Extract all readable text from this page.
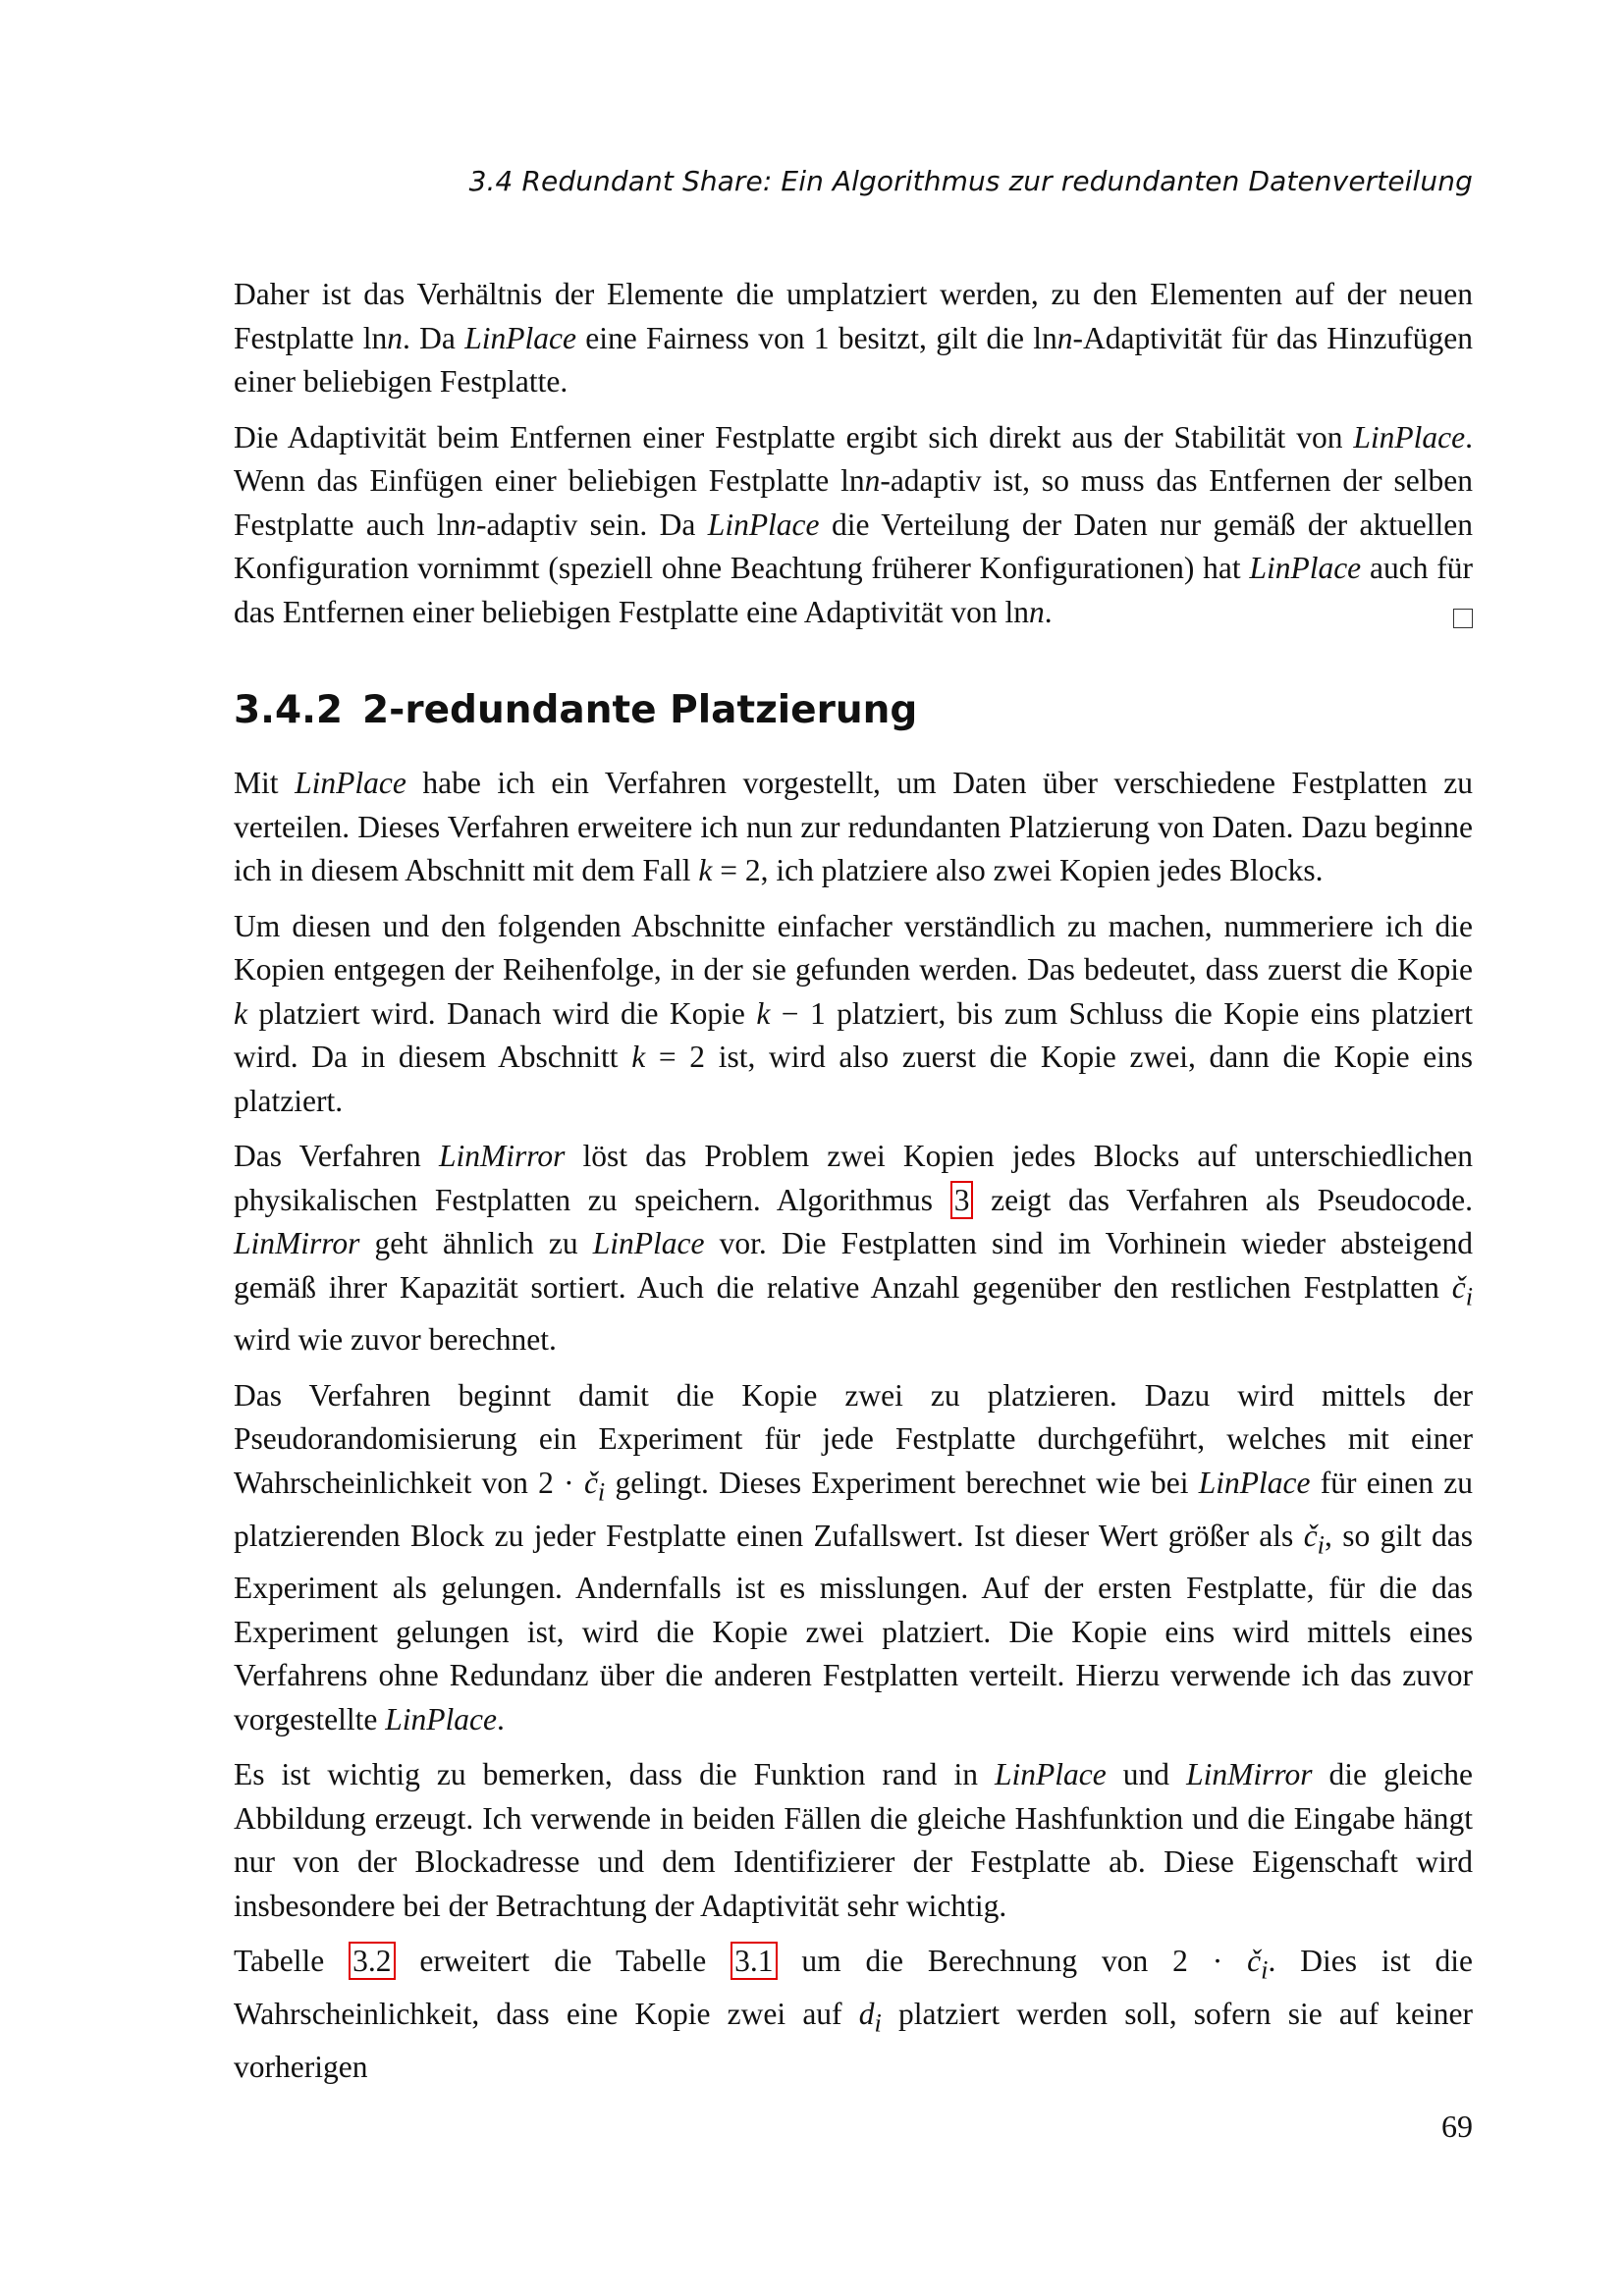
3.4 Redundant Share: Ein Algorithmus zur redundanten Datenverteilung

Daher ist das Verhältnis der Elemente die umplatziert werden, zu den Elementen auf der neuen Festplatte lnn. Da LinPlace eine Fairness von 1 besitzt, gilt die lnn-Adaptivität für das Hinzufügen einer beliebigen Festplatte.

Die Adaptivität beim Entfernen einer Festplatte ergibt sich direkt aus der Stabilität von LinPlace. Wenn das Einfügen einer beliebigen Festplatte lnn-adaptiv ist, so muss das Entfernen der selben Festplatte auch lnn-adaptiv sein. Da LinPlace die Verteilung der Daten nur gemäß der aktuellen Konfiguration vornimmt (speziell ohne Beachtung früherer Konfigurationen) hat LinPlace auch für das Entfernen einer beliebigen Festplatte eine Adaptivität von lnn.

3.4.2 2-redundante Platzierung

Mit LinPlace habe ich ein Verfahren vorgestellt, um Daten über verschiedene Festplatten zu verteilen. Dieses Verfahren erweitere ich nun zur redundanten Platzierung von Daten. Dazu beginne ich in diesem Abschnitt mit dem Fall k = 2, ich platziere also zwei Kopien jedes Blocks.

Um diesen und den folgenden Abschnitte einfacher verständlich zu machen, nummeriere ich die Kopien entgegen der Reihenfolge, in der sie gefunden werden. Das bedeutet, dass zuerst die Kopie k platziert wird. Danach wird die Kopie k − 1 platziert, bis zum Schluss die Kopie eins platziert wird. Da in diesem Abschnitt k = 2 ist, wird also zuerst die Kopie zwei, dann die Kopie eins platziert.

Das Verfahren LinMirror löst das Problem zwei Kopien jedes Blocks auf unterschiedlichen physikalischen Festplatten zu speichern. Algorithmus 3 zeigt das Verfahren als Pseudocode. LinMirror geht ähnlich zu LinPlace vor. Die Festplatten sind im Vorhinein wieder absteigend gemäß ihrer Kapazität sortiert. Auch die relative Anzahl gegenüber den restlichen Festplatten $č_i$ wird wie zuvor berechnet.

Das Verfahren beginnt damit die Kopie zwei zu platzieren. Dazu wird mittels der Pseudorandomisierung ein Experiment für jede Festplatte durchgeführt, welches mit einer Wahrscheinlichkeit von $2 \cdot č_i$ gelingt. Dieses Experiment berechnet wie bei LinPlace für einen zu platzierenden Block zu jeder Festplatte einen Zufallswert. Ist dieser Wert größer als $č_i$, so gilt das Experiment als gelungen. Andernfalls ist es misslungen. Auf der ersten Festplatte, für die das Experiment gelungen ist, wird die Kopie zwei platziert. Die Kopie eins wird mittels eines Verfahrens ohne Redundanz über die anderen Festplatten verteilt. Hierzu verwende ich das zuvor vorgestellte LinPlace.

Es ist wichtig zu bemerken, dass die Funktion rand in LinPlace und LinMirror die gleiche Abbildung erzeugt. Ich verwende in beiden Fällen die gleiche Hashfunktion und die Eingabe hängt nur von der Blockadresse und dem Identifizierer der Festplatte ab. Diese Eigenschaft wird insbesondere bei der Betrachtung der Adaptivität sehr wichtig.

Tabelle 3.2 erweitert die Tabelle 3.1 um die Berechnung von $2 \cdot č_i$. Dies ist die Wahrscheinlichkeit, dass eine Kopie zwei auf $d_i$ platziert werden soll, sofern sie auf keiner vorherigen

69
